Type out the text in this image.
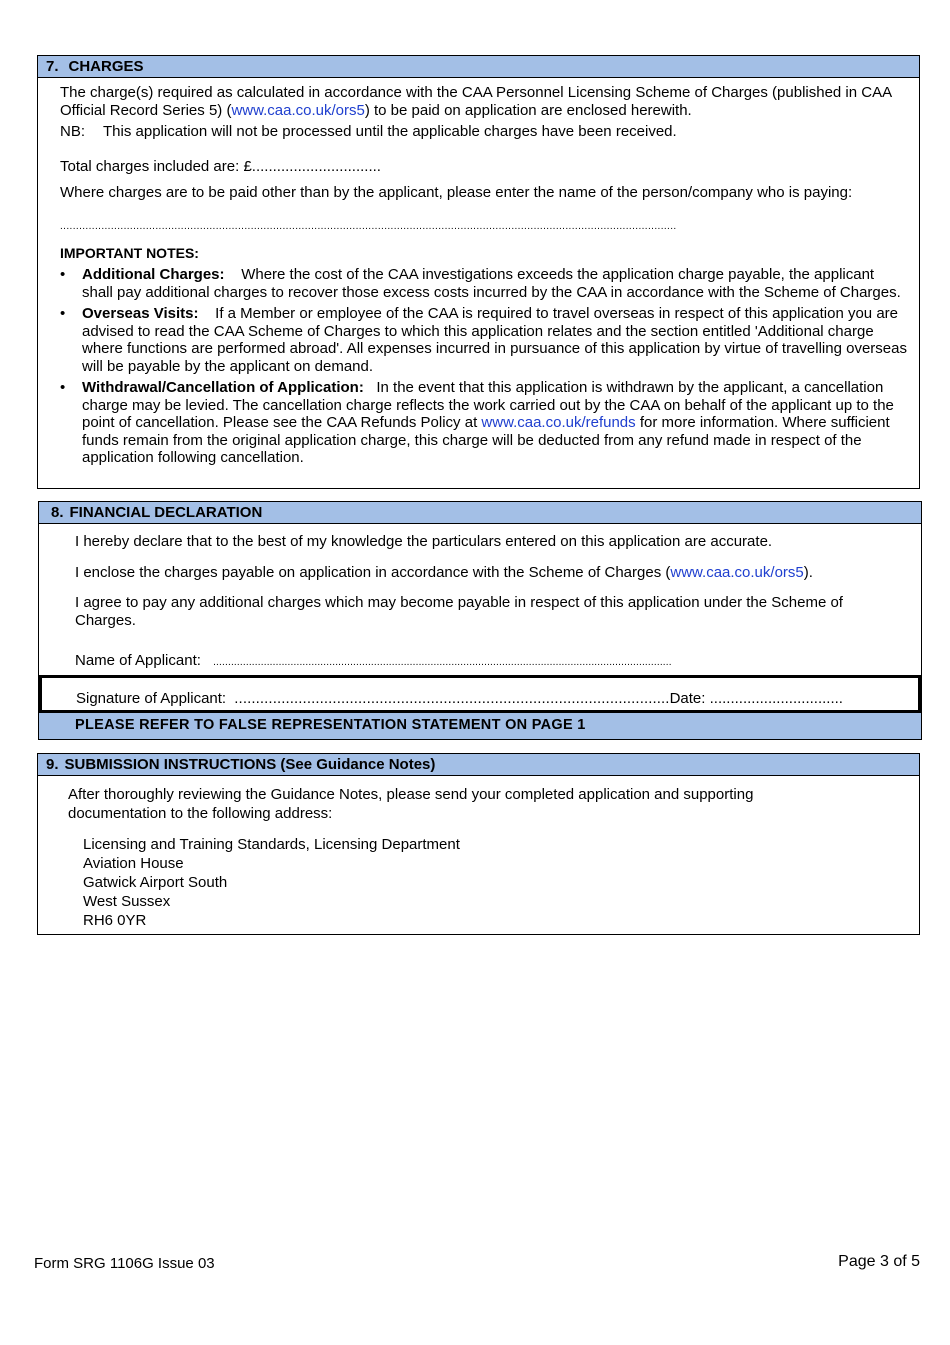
7. CHARGES

The charge(s) required as calculated in accordance with the CAA Personnel Licensing Scheme of Charges (published in CAA Official Record Series 5) (www.caa.co.uk/ors5) to be paid on application are enclosed herewith.

NB: This application will not be processed until the applicable charges have been received.

Total charges included are: £...............................

Where charges are to be paid other than by the applicant, please enter the name of the person/company who is paying:

..................................................................................................................................................................................................

IMPORTANT NOTES:

• Additional Charges: Where the cost of the CAA investigations exceeds the application charge payable, the applicant shall pay additional charges to recover those excess costs incurred by the CAA in accordance with the Scheme of Charges.
• Overseas Visits: If a Member or employee of the CAA is required to travel overseas in respect of this application you are advised to read the CAA Scheme of Charges to which this application relates and the section entitled 'Additional charge where functions are performed abroad'. All expenses incurred in pursuance of this application by virtue of travelling overseas will be payable by the applicant on demand.
• Withdrawal/Cancellation of Application: In the event that this application is withdrawn by the applicant, a cancellation charge may be levied. The cancellation charge reflects the work carried out by the CAA on behalf of the applicant up to the point of cancellation. Please see the CAA Refunds Policy at www.caa.co.uk/refunds for more information. Where sufficient funds remain from the original application charge, this charge will be deducted from any refund made in respect of the application following cancellation.
8. FINANCIAL DECLARATION

I hereby declare that to the best of my knowledge the particulars entered on this application are accurate.

I enclose the charges payable on application in accordance with the Scheme of Charges (www.caa.co.uk/ors5).

I agree to pay any additional charges which may become payable in respect of this application under the Scheme of Charges.

Name of Applicant: ..........................................................................................................................................................
Signature of Applicant: ......................................................................................................Date: ................................
PLEASE REFER TO FALSE REPRESENTATION STATEMENT ON PAGE 1
9. SUBMISSION INSTRUCTIONS (See Guidance Notes)

After thoroughly reviewing the Guidance Notes, please send your completed application and supporting documentation to the following address:

Licensing and Training Standards, Licensing Department
Aviation House
Gatwick Airport South
West Sussex
RH6 0YR
Form SRG 1106G Issue 03	Page 3 of 5
